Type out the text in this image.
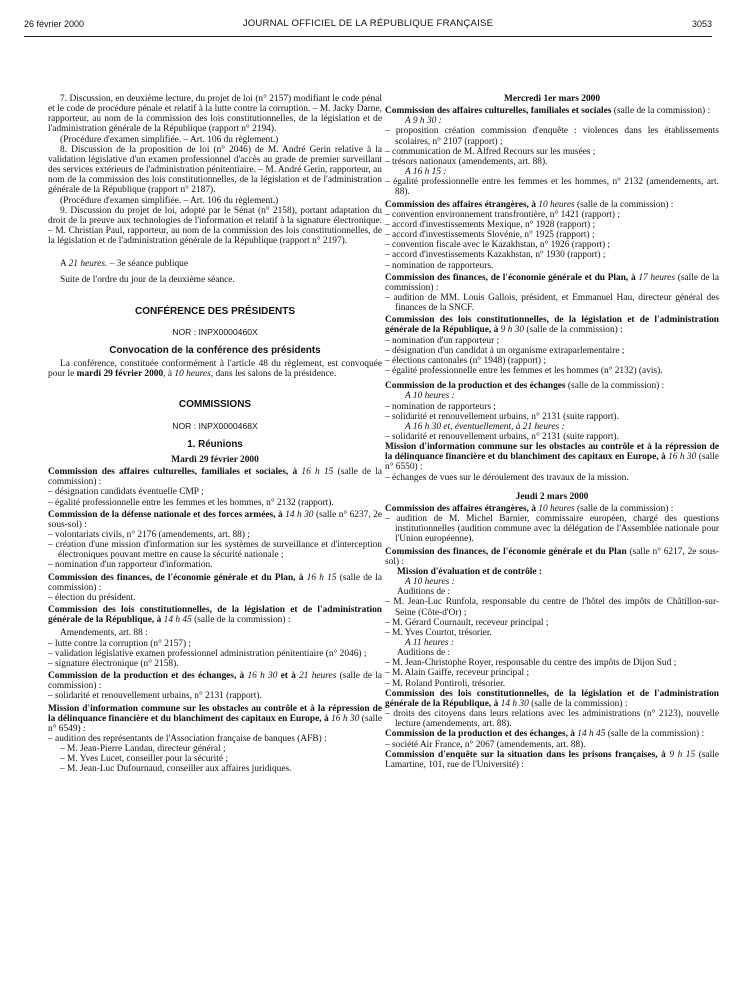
26 février 2000	JOURNAL OFFICIEL DE LA RÉPUBLIQUE FRANÇAISE	3053

7. Discussion, en deuxième lecture, du projet de loi (n° 2157) modifiant le code pénal et le code de procédure pénale et relatif à la lutte contre la corruption. – M. Jacky Darne, rapporteur, au nom de la commission des lois constitutionnelles, de la législation et de l'administration générale de la République (rapport n° 2194).

(Procédure d'examen simplifiée. – Art. 106 du règlement.)

8. Discussion de la proposition de loi (n° 2046) de M. André Gerin relative à la validation législative d'un examen professionnel d'accès au grade de premier surveillant des services extérieurs de l'administration pénitentiaire. – M. André Gerin, rapporteur, au nom de la commission des lois constitutionnelles, de la législation et de l'administration générale de la République (rapport n° 2187).

(Procédure d'examen simplifiée. – Art. 106 du règlement.)

9. Discussion du projet de loi, adopté par le Sénat (n° 2158), portant adaptation du droit de la preuve aux technologies de l'information et relatif à la signature électronique. – M. Christian Paul, rapporteur, au nom de la commission des lois constitutionnelles, de la législation et de l'administration générale de la République (rapport n° 2197).

A 21 heures. – 3e séance publique

Suite de l'ordre du jour de la deuxième séance.

CONFÉRENCE DES PRÉSIDENTS

NOR : INPX0000460X

Convocation de la conférence des présidents

La conférence, constituée conformément à l'article 48 du règlement, est convoquée pour le mardi 29 février 2000, à 10 heures, dans les salons de la présidence.

COMMISSIONS

NOR : INPX0000468X

1. Réunions

Mardi 29 février 2000

Commission des affaires culturelles, familiales et sociales, à 16 h 15 (salle de la commission) :

– désignation candidats éventuelle CMP ;

– égalité professionnelle entre les femmes et les hommes, n° 2132 (rapport).

Commission de la défense nationale et des forces armées, à 14 h 30 (salle n° 6237, 2e sous-sol) :

– volontariats civils, n° 2176 (amendements, art. 88) ;

– création d'une mission d'information sur les systèmes de surveillance et d'interception électroniques pouvant mettre en cause la sécurité nationale ;

– nomination d'un rapporteur d'information.

Commission des finances, de l'économie générale et du Plan, à 16 h 15 (salle de la commission) :

– élection du président.

Commission des lois constitutionnelles, de la législation et de l'administration générale de la République, à 14 h 45 (salle de la commission) :

Amendements, art. 88 :

– lutte contre la corruption (n° 2157) ;

– validation législative examen professionnel administration pénitentiaire (n° 2046) ;

– signature électronique (n° 2158).

Commission de la production et des échanges, à 16 h 30 et à 21 heures (salle de la commission) :

– solidarité et renouvellement urbains, n° 2131 (rapport).

Mission d'information commune sur les obstacles au contrôle et à la répression de la délinquance financière et du blanchiment des capitaux en Europe, à 16 h 30 (salle n° 6549) :

– audition des représentants de l'Association française de banques (AFB) :

– M. Jean-Pierre Landau, directeur général ;

– M. Yves Lucet, conseiller pour la sécurité ;

– M. Jean-Luc Dufournaud, conseiller aux affaires juridiques.

Mercredi 1er mars 2000

Commission des affaires culturelles, familiales et sociales (salle de la commission) :

A 9 h 30 :

– proposition création commission d'enquête : violences dans les établissements scolaires, n° 2107 (rapport) ;

– communication de M. Alfred Recours sur les musées ;

– trésors nationaux (amendements, art. 88).

A 16 h 15 :

– égalité professionnelle entre les femmes et les hommes, n° 2132 (amendements, art. 88).

Commission des affaires étrangères, à 10 heures (salle de la commission) :

– convention environnement transfrontière, n° 1421 (rapport) ;

– accord d'investissements Mexique, n° 1928 (rapport) ;

– accord d'investissements Slovénie, n° 1925 (rapport) ;

– convention fiscale avec le Kazakhstan, n° 1926 (rapport) ;

– accord d'investissements Kazakhstan, n° 1930 (rapport) ;

– nomination de rapporteurs.

Commission des finances, de l'économie générale et du Plan, à 17 heures (salle de la commission) :

– audition de MM. Louis Gallois, président, et Emmanuel Hau, directeur général des finances de la SNCF.

Commission des lois constitutionnelles, de la législation et de l'administration générale de la République, à 9 h 30 (salle de la commission) :

– nomination d'un rapporteur ;

– désignation d'un candidat à un organisme extraparlementaire ;

– élections cantonales (n° 1948) (rapport) ;

– égalité professionnelle entre les femmes et les hommes (n° 2132) (avis).

Commission de la production et des échanges (salle de la commission) :

A 10 heures :

– nomination de rapporteurs ;

– solidarité et renouvellement urbains, n° 2131 (suite rapport).

A 16 h 30 et, éventuellement, à 21 heures :

– solidarité et renouvellement urbains, n° 2131 (suite rapport).

Mission d'information commune sur les obstacles au contrôle et à la répression de la délinquance financière et du blanchiment des capitaux en Europe, à 16 h 30 (salle n° 6550) :

– échanges de vues sur le déroulement des travaux de la mission.

Jeudi 2 mars 2000

Commission des affaires étrangères, à 10 heures (salle de la commission) :

– audition de M. Michel Barnier, commissaire européen, chargé des questions institutionnelles (audition commune avec la délégation de l'Assemblée nationale pour l'Union européenne).

Commission des finances, de l'économie générale et du Plan (salle n° 6217, 2e sous-sol) :

Mission d'évaluation et de contrôle :

A 10 heures :

Auditions de :

– M. Jean-Luc Runfola, responsable du centre de l'hôtel des impôts de Châtillon-sur-Seine (Côte-d'Or) ;

– M. Gérard Cournault, receveur principal ;

– M. Yves Courtot, trésorier.

A 11 heures :

Auditions de :

– M. Jean-Christophe Royer, responsable du centre des impôts de Dijon Sud ;

– M. Alain Gaiffe, receveur principal ;

– M. Roland Pontiroli, trésorier.

Commission des lois constitutionnelles, de la législation et de l'administration générale de la République, à 14 h 30 (salle de la commission) :

– droits des citoyens dans leurs relations avec les administrations (n° 2123), nouvelle lecture (amendements, art. 88).

Commission de la production et des échanges, à 14 h 45 (salle de la commission) :

– société Air France, n° 2067 (amendements, art. 88).

Commission d'enquête sur la situation dans les prisons françaises, à 9 h 15 (salle Lamartine, 101, rue de l'Université) :
